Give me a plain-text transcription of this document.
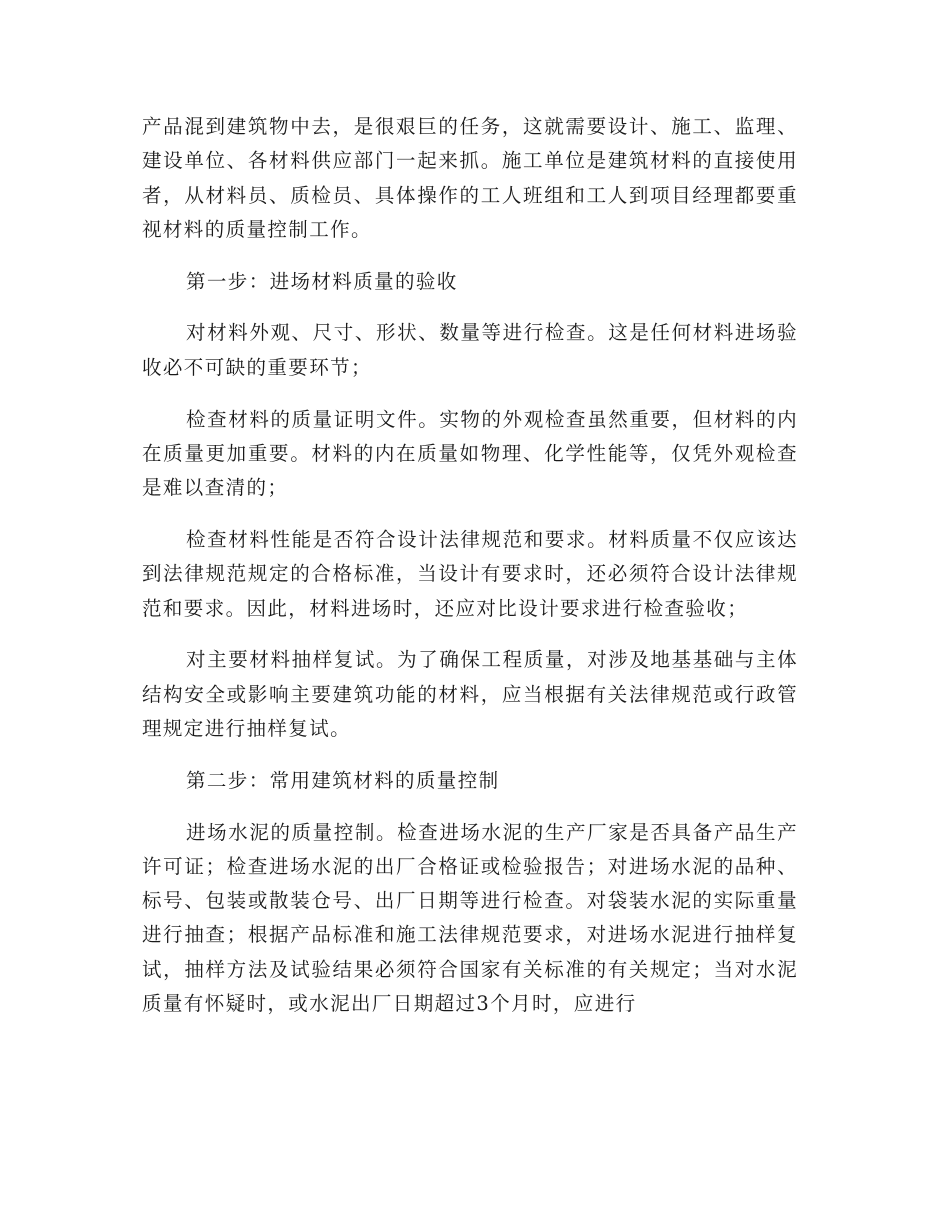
产品混到建筑物中去，是很艰巨的任务，这就需要设计、施工、监理、建设单位、各材料供应部门一起来抓。施工单位是建筑材料的直接使用者，从材料员、质检员、具体操作的工人班组和工人到项目经理都要重视材料的质量控制工作。

第一步：进场材料质量的验收

对材料外观、尺寸、形状、数量等进行检查。这是任何材料进场验收必不可缺的重要环节；

检查材料的质量证明文件。实物的外观检查虽然重要，但材料的内在质量更加重要。材料的内在质量如物理、化学性能等，仅凭外观检查是难以查清的；

检查材料性能是否符合设计法律规范和要求。材料质量不仅应该达到法律规范规定的合格标准，当设计有要求时，还必须符合设计法律规范和要求。因此，材料进场时，还应对比设计要求进行检查验收；

对主要材料抽样复试。为了确保工程质量，对涉及地基基础与主体结构安全或影响主要建筑功能的材料，应当根据有关法律规范或行政管理规定进行抽样复试。

第二步：常用建筑材料的质量控制

进场水泥的质量控制。检查进场水泥的生产厂家是否具备产品生产许可证；检查进场水泥的出厂合格证或检验报告；对进场水泥的品种、标号、包装或散装仓号、出厂日期等进行检查。对袋装水泥的实际重量进行抽查；根据产品标准和施工法律规范要求，对进场水泥进行抽样复试，抽样方法及试验结果必须符合国家有关标准的有关规定；当对水泥质量有怀疑时，或水泥出厂日期超过3个月时，应进行
